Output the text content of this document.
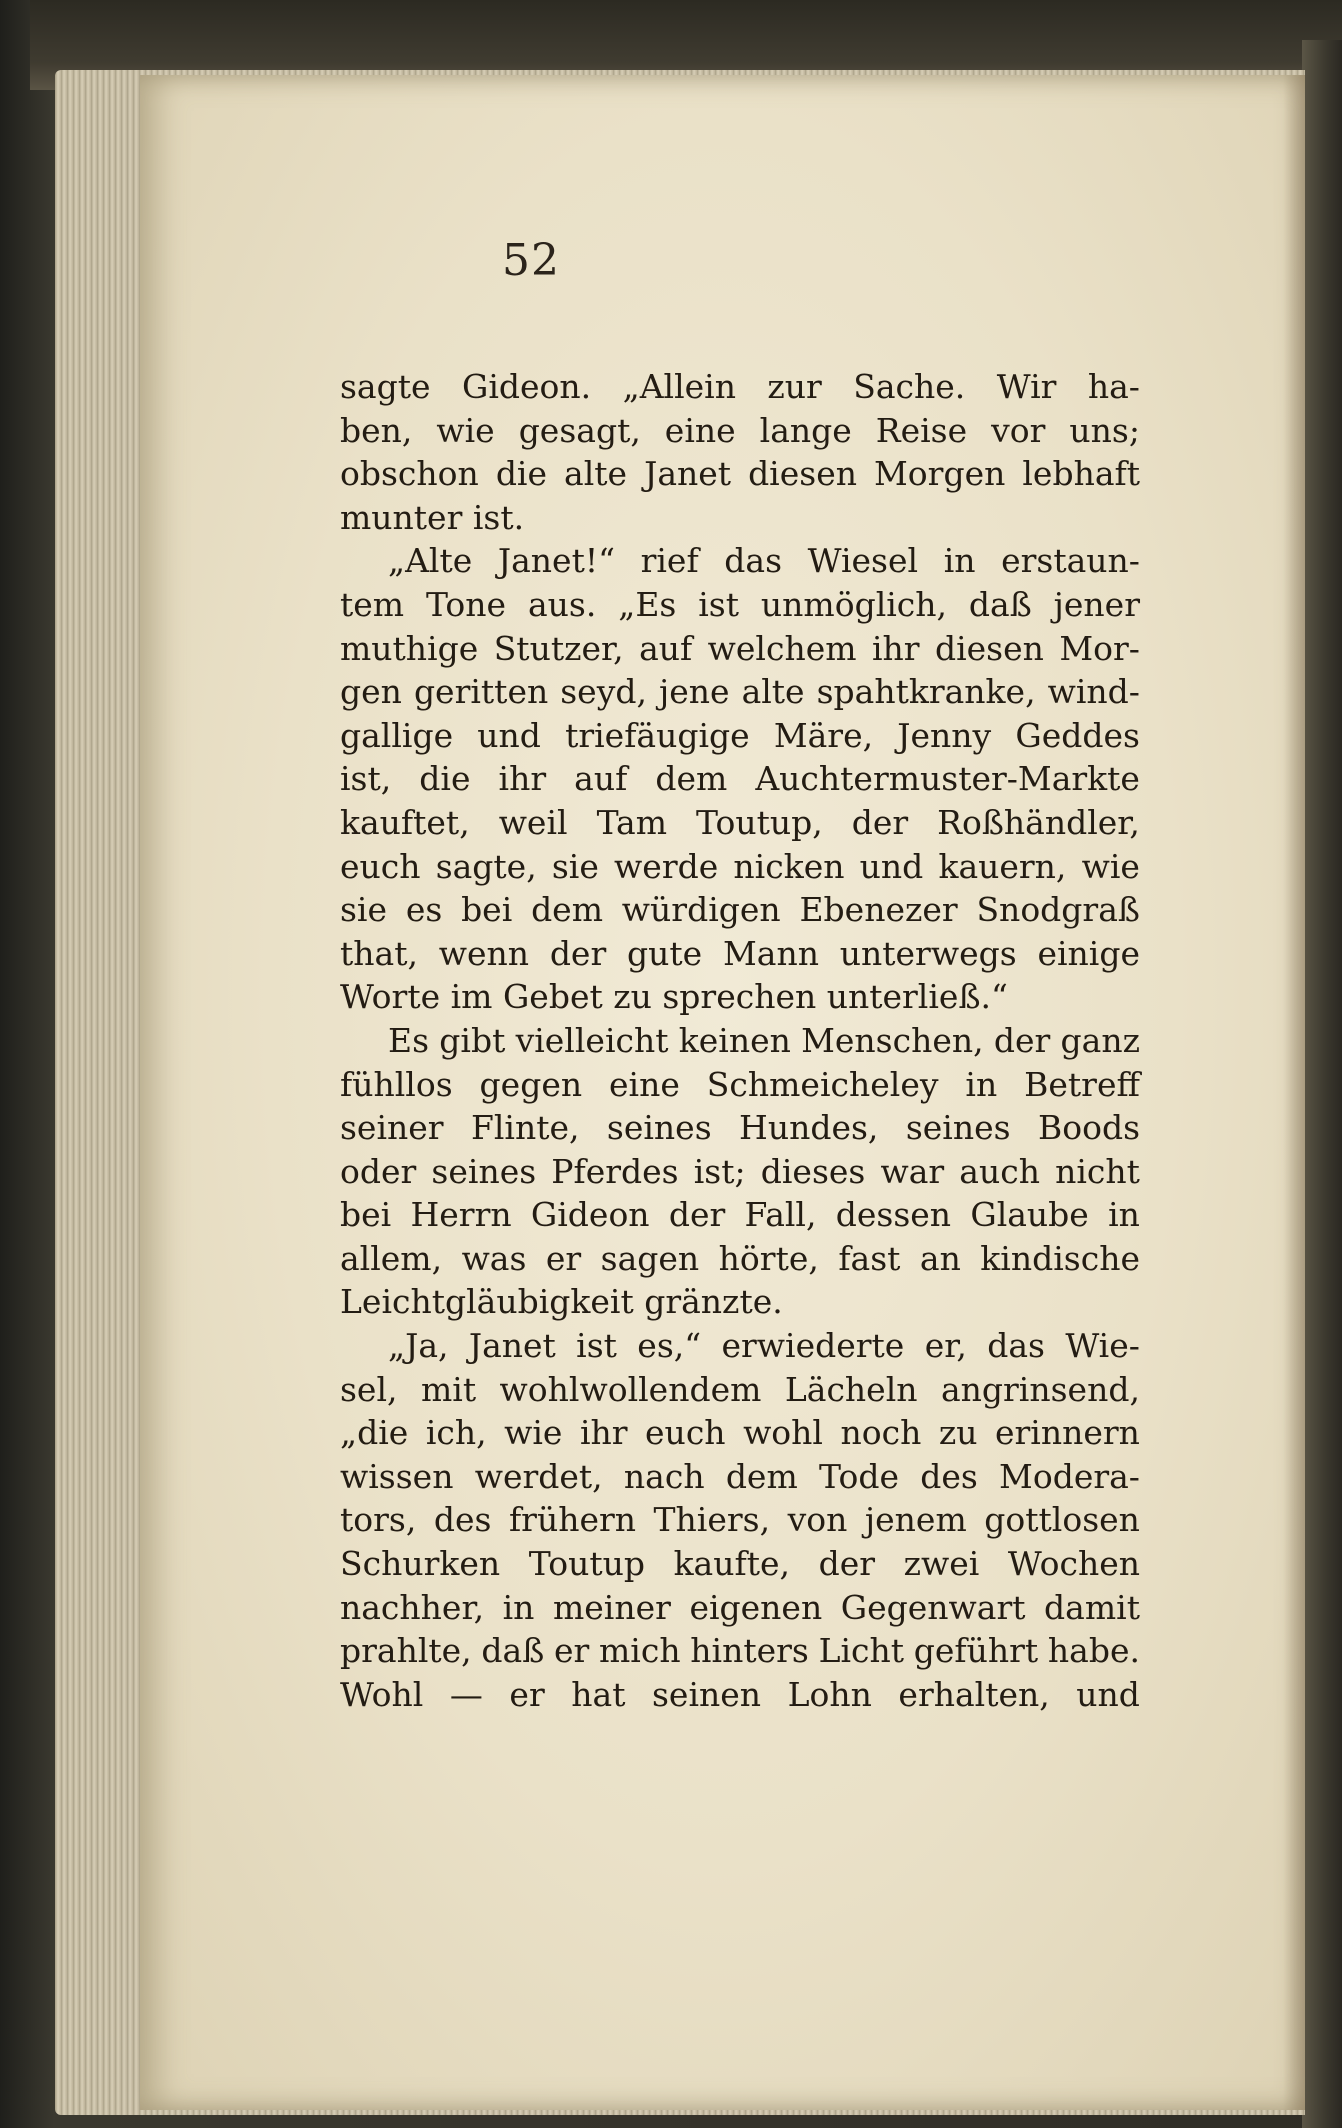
52
sagte Gideon. „Allein zur Sache. Wir ha-
ben, wie gesagt, eine lange Reise vor uns;
obschon die alte Janet diesen Morgen lebhaft
munter ist.
„Alte Janet!“ rief das Wiesel in erstaun-
tem Tone aus. „Es ist unmöglich, daß jener
muthige Stutzer, auf welchem ihr diesen Mor-
gen geritten seyd, jene alte spahtkranke, wind-
gallige und triefäugige Märe, Jenny Geddes
ist, die ihr auf dem Auchtermuster-Markte
kauftet, weil Tam Toutup, der Roßhändler,
euch sagte, sie werde nicken und kauern, wie
sie es bei dem würdigen Ebenezer Snodgraß
that, wenn der gute Mann unterwegs einige
Worte im Gebet zu sprechen unterließ.“
Es gibt vielleicht keinen Menschen, der ganz
fühllos gegen eine Schmeicheley in Betreff
seiner Flinte, seines Hundes, seines Boods
oder seines Pferdes ist; dieses war auch nicht
bei Herrn Gideon der Fall, dessen Glaube in
allem, was er sagen hörte, fast an kindische
Leichtgläubigkeit gränzte.
„Ja, Janet ist es,“ erwiederte er, das Wie-
sel, mit wohlwollendem Lächeln angrinsend,
„die ich, wie ihr euch wohl noch zu erinnern
wissen werdet, nach dem Tode des Modera-
tors, des frühern Thiers, von jenem gottlosen
Schurken Toutup kaufte, der zwei Wochen
nachher, in meiner eigenen Gegenwart damit
prahlte, daß er mich hinters Licht geführt habe.
Wohl — er hat seinen Lohn erhalten, und
